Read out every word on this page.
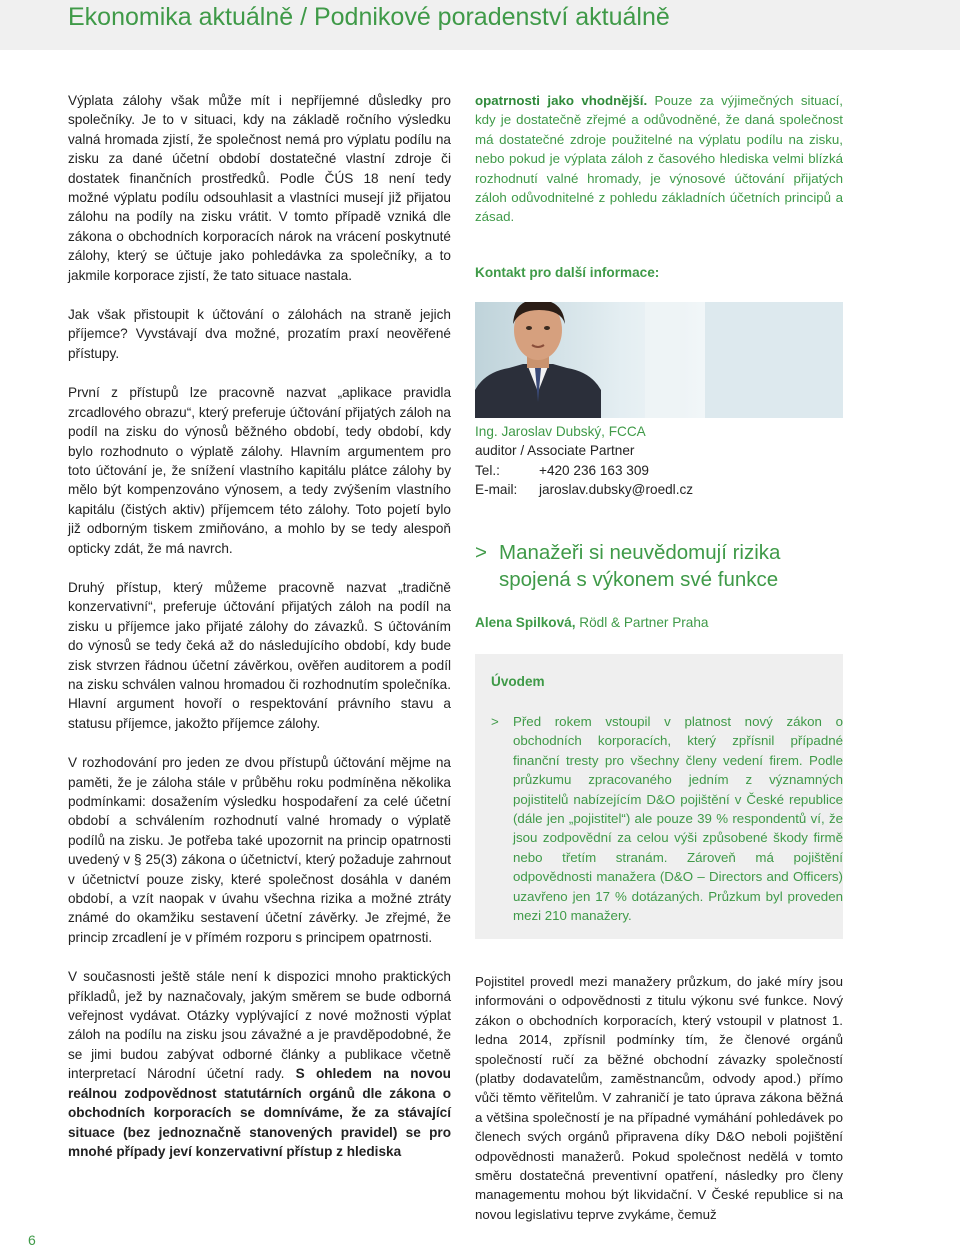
Ekonomika aktuálně / Podnikové poradenství aktuálně

Výplata zálohy však může mít i nepříjemné důsledky pro společníky. Je to v situaci, kdy na základě ročního výsledku valná hromada zjistí, že společnost nemá pro výplatu podílu na zisku za dané účetní období dostatečné vlastní zdroje či dostatek finančních prostředků. Podle ČÚS 18 není tedy možné výplatu podílu odsouhlasit a vlastníci musejí již přijatou zálohu na podíly na zisku vrátit. V tomto případě vzniká dle zákona o obchodních korporacích nárok na vrácení poskytnuté zálohy, který se účtuje jako pohledávka za společníky, a to jakmile korporace zjistí, že tato situace nastala.

Jak však přistoupit k účtování o zálohách na straně jejich příjemce? Vyvstávají dva možné, prozatím praxí neověřené přístupy.

První z přístupů lze pracovně nazvat „aplikace pravidla zrcadlového obrazu“, který preferuje účtování přijatých záloh na podíl na zisku do výnosů běžného období, tedy období, kdy bylo rozhodnuto o výplatě zálohy. Hlavním argumentem pro toto účtování je, že snížení vlastního kapitálu plátce zálohy by mělo být kompenzováno výnosem, a tedy zvýšením vlastního kapitálu (čistých aktiv) příjemcem této zálohy. Toto pojetí bylo již odborným tiskem zmiňováno, a mohlo by se tedy alespoň opticky zdát, že má navrch.

Druhý přístup, který můžeme pracovně nazvat „tradičně konzervativní“, preferuje účtování přijatých záloh na podíl na zisku u příjemce jako přijaté zálohy do závazků. S účtováním do výnosů se tedy čeká až do následujícího období, kdy bude zisk stvrzen řádnou účetní závěrkou, ověřen auditorem a podíl na zisku schválen valnou hromadou či rozhodnutím společníka. Hlavní argument hovoří o respektování právního stavu a statusu příjemce, jakožto příjemce zálohy.

V rozhodování pro jeden ze dvou přístupů účtování mějme na paměti, že je záloha stále v průběhu roku podmíněna několika podmínkami: dosažením výsledku hospodaření za celé účetní období a schválením rozhodnutí valné hromady o výplatě podílů na zisku. Je potřeba také upozornit na princip opatrnosti uvedený v § 25(3) zákona o účetnictví, který požaduje zahrnout v účetnictví pouze zisky, které společnost dosáhla v daném období, a vzít naopak v úvahu všechna rizika a možné ztráty známé do okamžiku sestavení účetní závěrky. Je zřejmé, že princip zrcadlení je v přímém rozporu s principem opatrnosti.

V současnosti ještě stále není k dispozici mnoho praktických příkladů, jež by naznačovaly, jakým směrem se bude odborná veřejnost vydávat. Otázky vyplývající z nové možnosti výplat záloh na podílu na zisku jsou závažné a je pravděpodobné, že se jimi budou zabývat odborné články a publikace včetně interpretací Národní účetní rady. S ohledem na novou reálnou zodpovědnost statutárních orgánů dle zákona o obchodních korporacích se domníváme, že za stávající situace (bez jednoznačně stanovených pravidel) se pro mnohé případy jeví konzervativní přístup z hlediska

opatrnosti jako vhodnější. Pouze za výjimečných situací, kdy je dostatečně zřejmé a odůvodněné, že daná společnost má dostatečné zdroje použitelné na výplatu podílu na zisku, nebo pokud je výplata záloh z časového hlediska velmi blízká rozhodnutí valné hromady, je výnosové účtování přijatých záloh odůvodnitelné z pohledu základních účetních principů a zásad.

Kontakt pro další informace:
Ing. Jaroslav Dubský, FCCA
auditor / Associate Partner
Tel.:	+420 236 163 309
E-mail:	jaroslav.dubsky@roedl.cz
> Manažeři si neuvědomují rizika spojená s výkonem své funkce
Alena Spilková, Rödl & Partner Praha
Úvodem
>	Před rokem vstoupil v platnost nový zákon o obchodních korporacích, který zpřísnil případné finanční tresty pro všechny členy vedení firem. Podle průzkumu zpracovaného jedním z významných pojistitelů nabízejícím D&O pojištění v České republice (dále jen „pojistitel“) ale pouze 39 % respondentů ví, že jsou zodpovědní za celou výši způsobené škody firmě nebo třetím stranám. Zároveň má pojištění odpovědnosti manažera (D&O – Directors and Officers) uzavřeno jen 17 % dotázaných. Průzkum byl proveden mezi 210 manažery.

Pojistitel provedl mezi manažery průzkum, do jaké míry jsou informováni o odpovědnosti z titulu výkonu své funkce. Nový zákon o obchodních korporacích, který vstoupil v platnost 1. ledna 2014, zpřísnil podmínky tím, že členové orgánů společností ručí za běžné obchodní závazky společností (platby dodavatelům, zaměstnancům, odvody apod.) přímo vůči těmto věřitelům. V zahraničí je tato úprava zákona běžná a většina společností je na případné vymáhání pohledávek po členech svých orgánů připravena díky D&O neboli pojištění odpovědnosti manažerů. Pokud společnost nedělá v tomto směru dostatečná preventivní opatření, následky pro členy managementu mohou být likvidační. V České republice si na novou legislativu teprve zvykáme, čemuž

6
